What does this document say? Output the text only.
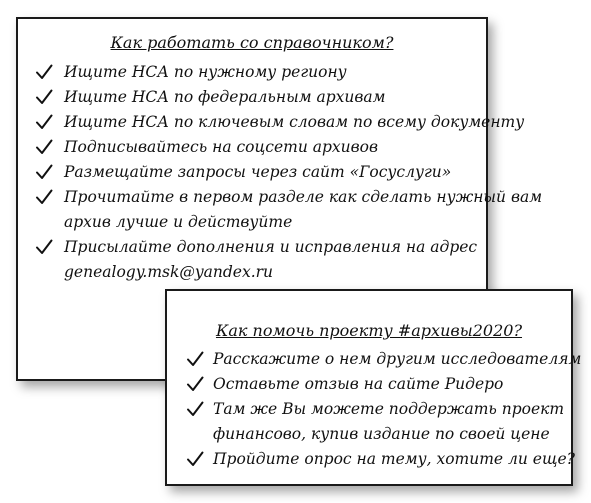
Как работать со справочником?
Ищите НСА по нужному региону
Ищите НСА по федеральным архивам
Ищите НСА по ключевым словам по всему документу
Подписывайтесь на соцсети архивов
Размещайте запросы через сайт «Госуслуги»
Прочитайте в первом разделе как сделать нужный вам
архив лучше и действуйте
Присылайте дополнения и исправления на адрес
genealogy.msk@yandex.ru
Как помочь проекту #архивы2020?
Расскажите о нем другим исследователям
Оставьте отзыв на сайте Ридеро
Там же Вы можете поддержать проект
финансово, купив издание по своей цене
Пройдите опрос на тему, хотите ли еще?
